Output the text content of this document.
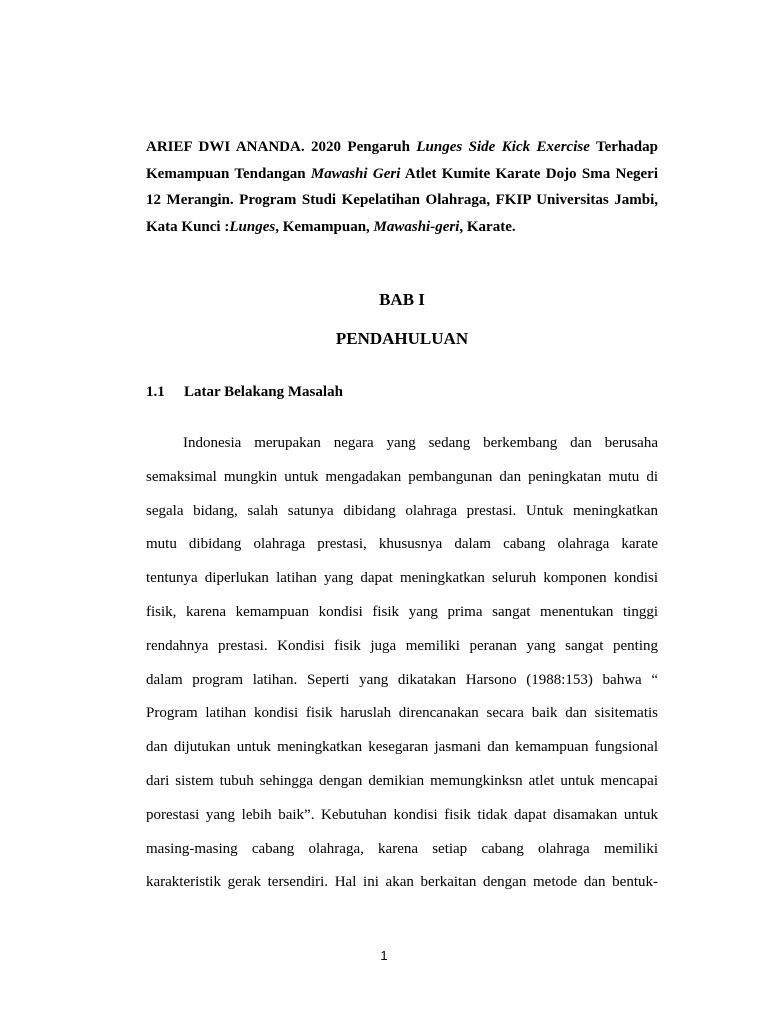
ARIEF DWI ANANDA. 2020 Pengaruh Lunges Side Kick Exercise Terhadap Kemampuan Tendangan Mawashi Geri Atlet Kumite Karate Dojo Sma Negeri 12 Merangin. Program Studi Kepelatihan Olahraga, FKIP Universitas Jambi, Kata Kunci :Lunges, Kemampuan, Mawashi-geri, Karate.

BAB I

PENDAHULUAN

1.1 Latar Belakang Masalah

Indonesia merupakan negara yang sedang berkembang dan berusaha
semaksimal mungkin untuk mengadakan pembangunan dan peningkatan mutu di
segala bidang, salah satunya dibidang olahraga prestasi. Untuk meningkatkan
mutu dibidang olahraga prestasi, khususnya dalam cabang olahraga karate
tentunya diperlukan latihan yang dapat meningkatkan seluruh komponen kondisi
fisik, karena kemampuan kondisi fisik yang prima sangat menentukan tinggi
rendahnya prestasi. Kondisi fisik juga memiliki peranan yang sangat penting
dalam program latihan. Seperti yang dikatakan Harsono (1988:153) bahwa “
Program latihan kondisi fisik haruslah direncanakan secara baik dan sisitematis
dan dijutukan untuk meningkatkan kesegaran jasmani dan kemampuan fungsional
dari sistem tubuh sehingga dengan demikian memungkinksn atlet untuk mencapai
porestasi yang lebih baik”. Kebutuhan kondisi fisik tidak dapat disamakan untuk
masing-masing cabang olahraga, karena setiap cabang olahraga memiliki
karakteristik gerak tersendiri. Hal ini akan berkaitan dengan metode dan bentuk-

1
